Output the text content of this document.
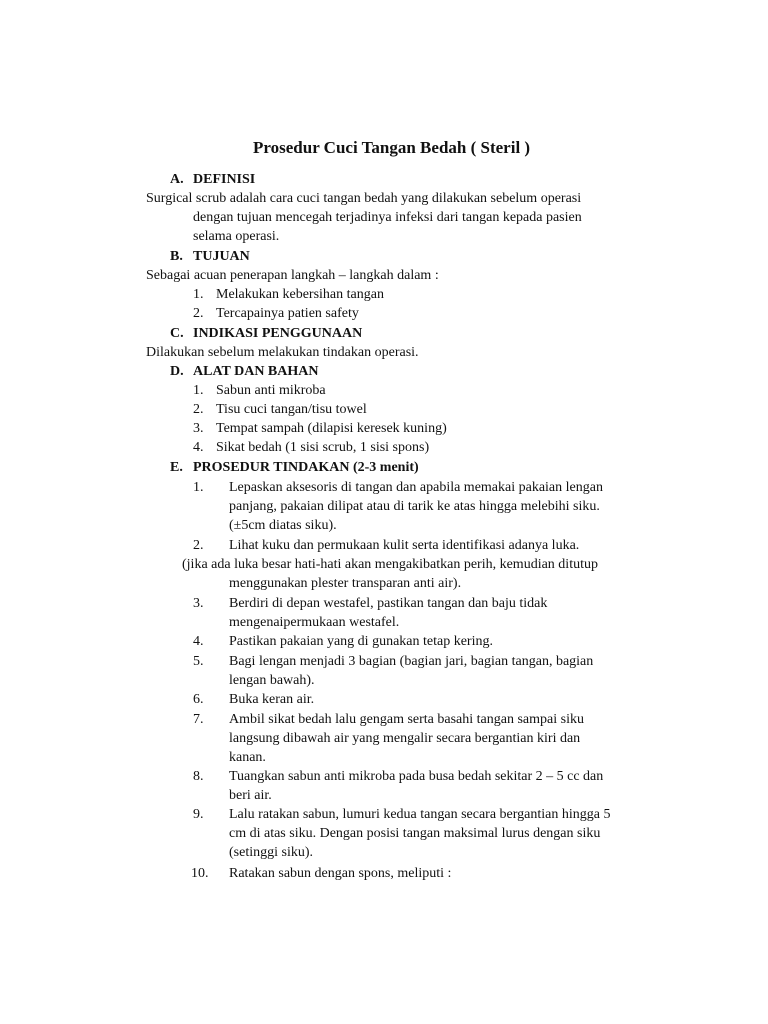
Prosedur Cuci Tangan Bedah ( Steril )
A. DEFINISI
Surgical scrub adalah cara cuci tangan bedah yang dilakukan sebelum operasi
dengan tujuan mencegah terjadinya infeksi dari tangan kepada pasien
selama operasi.
B. TUJUAN
Sebagai acuan penerapan langkah – langkah dalam :
1. Melakukan kebersihan tangan
2. Tercapainya patien safety
C. INDIKASI PENGGUNAAN
Dilakukan sebelum melakukan tindakan operasi.
D. ALAT DAN BAHAN
1. Sabun anti mikroba
2. Tisu cuci tangan/tisu towel
3. Tempat sampah (dilapisi keresek kuning)
4. Sikat bedah (1 sisi scrub, 1 sisi spons)
E. PROSEDUR TINDAKAN (2-3 menit)
1. Lepaskan aksesoris di tangan dan apabila memakai pakaian lengan
panjang, pakaian dilipat atau di tarik ke atas hingga melebihi siku.
(±5cm diatas siku).
2. Lihat kuku dan permukaan kulit serta identifikasi adanya luka.
(jika ada luka besar hati-hati akan mengakibatkan perih, kemudian ditutup
menggunakan plester transparan anti air).
3. Berdiri di depan westafel, pastikan tangan dan baju tidak
mengenaipermukaan westafel.
4. Pastikan pakaian yang di gunakan tetap kering.
5. Bagi lengan menjadi 3 bagian (bagian jari, bagian tangan, bagian
lengan bawah).
6. Buka keran air.
7. Ambil sikat bedah lalu gengam serta basahi tangan sampai siku
langsung dibawah air yang mengalir secara bergantian kiri dan
kanan.
8. Tuangkan sabun anti mikroba pada busa bedah sekitar 2 – 5 cc dan
beri air.
9. Lalu ratakan sabun, lumuri kedua tangan secara bergantian hingga 5
cm di atas siku. Dengan posisi tangan maksimal lurus dengan siku
(setinggi siku).
10. Ratakan sabun dengan spons, meliputi :
